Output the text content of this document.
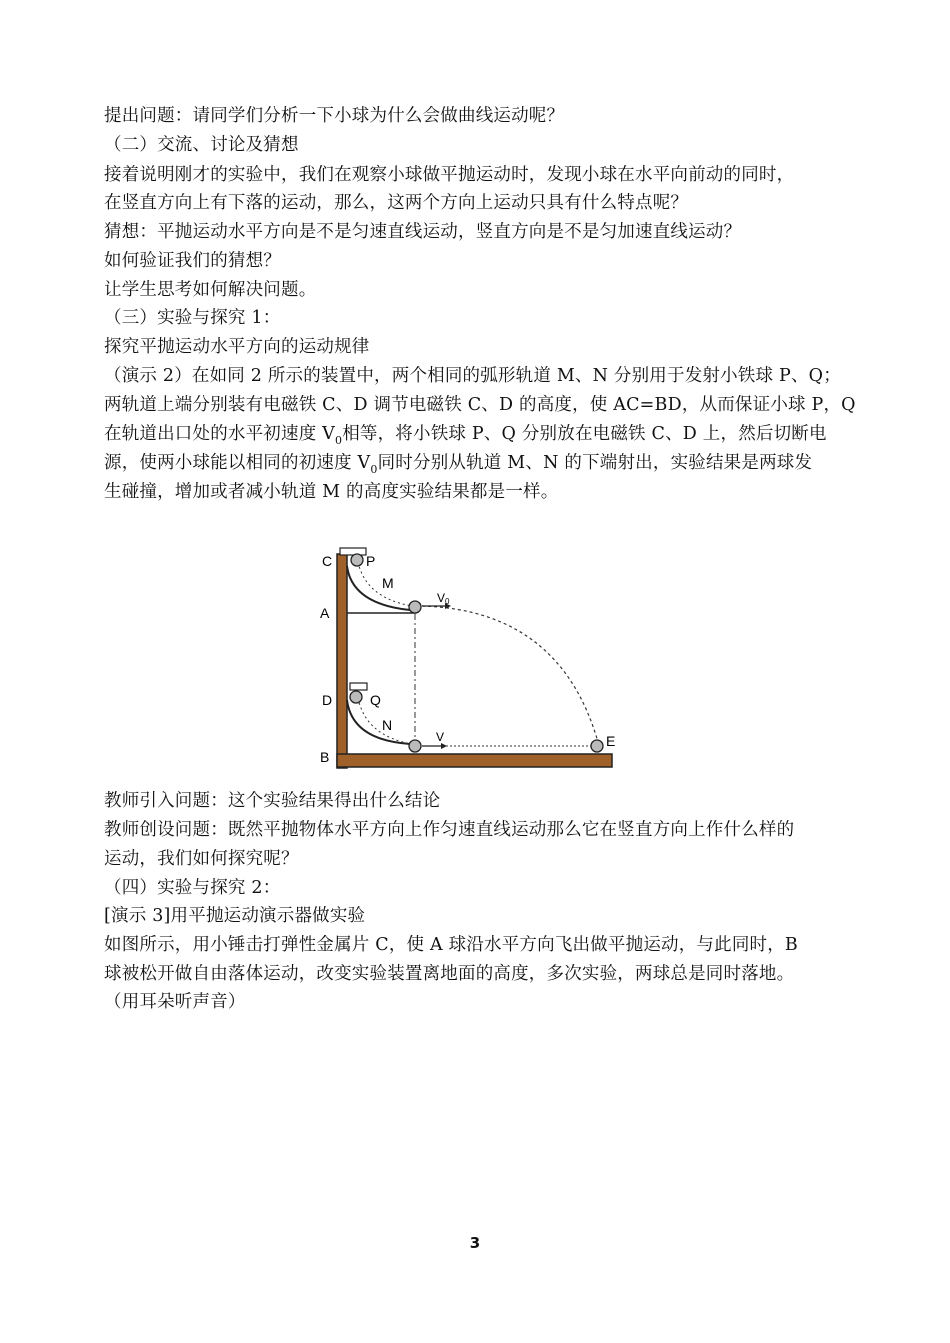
提出问题：请同学们分析一下小球为什么会做曲线运动呢？
（二）交流、讨论及猜想
接着说明刚才的实验中，我们在观察小球做平抛运动时，发现小球在水平向前动的同时，
在竖直方向上有下落的运动，那么，这两个方向上运动只具有什么特点呢？
猜想：平抛运动水平方向是不是匀速直线运动，竖直方向是不是匀加速直线运动？
如何验证我们的猜想？
让学生思考如何解决问题。
（三）实验与探究 1：
探究平抛运动水平方向的运动规律
（演示 2）在如同 2 所示的装置中，两个相同的弧形轨道 M、N 分别用于发射小铁球 P、Q；
两轨道上端分别装有电磁铁 C、D 调节电磁铁 C、D 的高度，使 AC=BD，从而保证小球 P，Q
在轨道出口处的水平初速度 $V_0$相等，将小铁球 P、Q 分别放在电磁铁 C、D 上，然后切断电
源，使两小球能以相同的初速度 $V_0$同时分别从轨道 M、N 的下端射出，实验结果是两球发
生碰撞，增加或者减小轨道 M 的高度实验结果都是一样。
C P
M
A
V 0
D	Q
N
B
V	E
教师引入问题：这个实验结果得出什么结论
教师创设问题：既然平抛物体水平方向上作匀速直线运动那么它在竖直方向上作什么样的
运动，我们如何探究呢？
（四）实验与探究 2：
[演示 3]用平抛运动演示器做实验
如图所示，用小锤击打弹性金属片 C，使 A 球沿水平方向飞出做平抛运动，与此同时，B
球被松开做自由落体运动，改变实验装置离地面的高度，多次实验，两球总是同时落地。
（用耳朵听声音）
3
